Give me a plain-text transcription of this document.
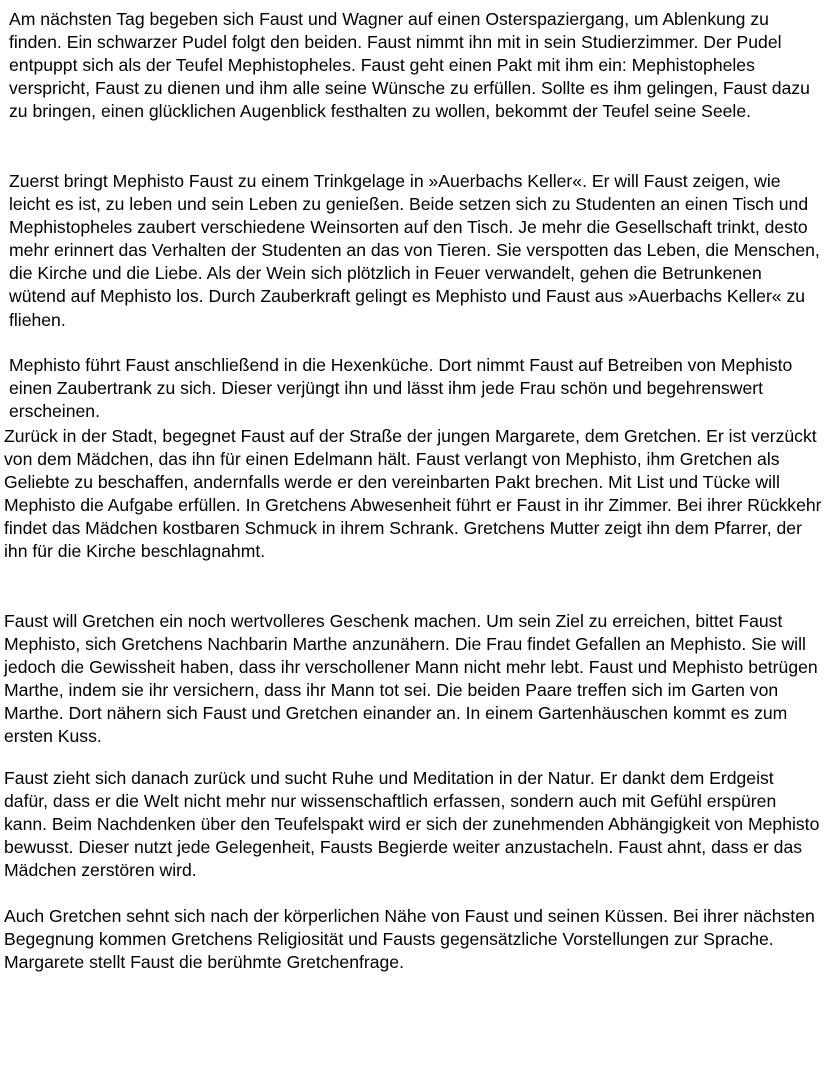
Am nächsten Tag begeben sich Faust und Wagner auf einen Osterspaziergang, um Ablenkung zu finden. Ein schwarzer Pudel folgt den beiden. Faust nimmt ihn mit in sein Studierzimmer. Der Pudel entpuppt sich als der Teufel Mephistopheles. Faust geht einen Pakt mit ihm ein: Mephistopheles verspricht, Faust zu dienen und ihm alle seine Wünsche zu erfüllen. Sollte es ihm gelingen, Faust dazu zu bringen, einen glücklichen Augenblick festhalten zu wollen, bekommt der Teufel seine Seele.

Zuerst bringt Mephisto Faust zu einem Trinkgelage in »Auerbachs Keller«. Er will Faust zeigen, wie leicht es ist, zu leben und sein Leben zu genießen. Beide setzen sich zu Studenten an einen Tisch und Mephistopheles zaubert verschiedene Weinsorten auf den Tisch. Je mehr die Gesellschaft trinkt, desto mehr erinnert das Verhalten der Studenten an das von Tieren. Sie verspotten das Leben, die Menschen, die Kirche und die Liebe. Als der Wein sich plötzlich in Feuer verwandelt, gehen die Betrunkenen wütend auf Mephisto los. Durch Zauberkraft gelingt es Mephisto und Faust aus »Auerbachs Keller« zu fliehen.

Mephisto führt Faust anschließend in die Hexenküche. Dort nimmt Faust auf Betreiben von Mephisto einen Zaubertrank zu sich. Dieser verjüngt ihn und lässt ihm jede Frau schön und begehrenswert erscheinen.

Zurück in der Stadt, begegnet Faust auf der Straße der jungen Margarete, dem Gretchen. Er ist verzückt von dem Mädchen, das ihn für einen Edelmann hält. Faust verlangt von Mephisto, ihm Gretchen als Geliebte zu beschaffen, andernfalls werde er den vereinbarten Pakt brechen. Mit List und Tücke will Mephisto die Aufgabe erfüllen. In Gretchens Abwesenheit führt er Faust in ihr Zimmer. Bei ihrer Rückkehr findet das Mädchen kostbaren Schmuck in ihrem Schrank. Gretchens Mutter zeigt ihn dem Pfarrer, der ihn für die Kirche beschlagnahmt.

Faust will Gretchen ein noch wertvolleres Geschenk machen. Um sein Ziel zu erreichen, bittet Faust Mephisto, sich Gretchens Nachbarin Marthe anzunähern. Die Frau findet Gefallen an Mephisto. Sie will jedoch die Gewissheit haben, dass ihr verschollener Mann nicht mehr lebt. Faust und Mephisto betrügen Marthe, indem sie ihr versichern, dass ihr Mann tot sei. Die beiden Paare treffen sich im Garten von Marthe. Dort nähern sich Faust und Gretchen einander an. In einem Gartenhäuschen kommt es zum ersten Kuss.

Faust zieht sich danach zurück und sucht Ruhe und Meditation in der Natur. Er dankt dem Erdgeist dafür, dass er die Welt nicht mehr nur wissenschaftlich erfassen, sondern auch mit Gefühl erspüren kann. Beim Nachdenken über den Teufelspakt wird er sich der zunehmenden Abhängigkeit von Mephisto bewusst. Dieser nutzt jede Gelegenheit, Fausts Begierde weiter anzustacheln. Faust ahnt, dass er das Mädchen zerstören wird.

Auch Gretchen sehnt sich nach der körperlichen Nähe von Faust und seinen Küssen. Bei ihrer nächsten Begegnung kommen Gretchens Religiosität und Fausts gegensätzliche Vorstellungen zur Sprache. Margarete stellt Faust die berühmte Gretchenfrage.
